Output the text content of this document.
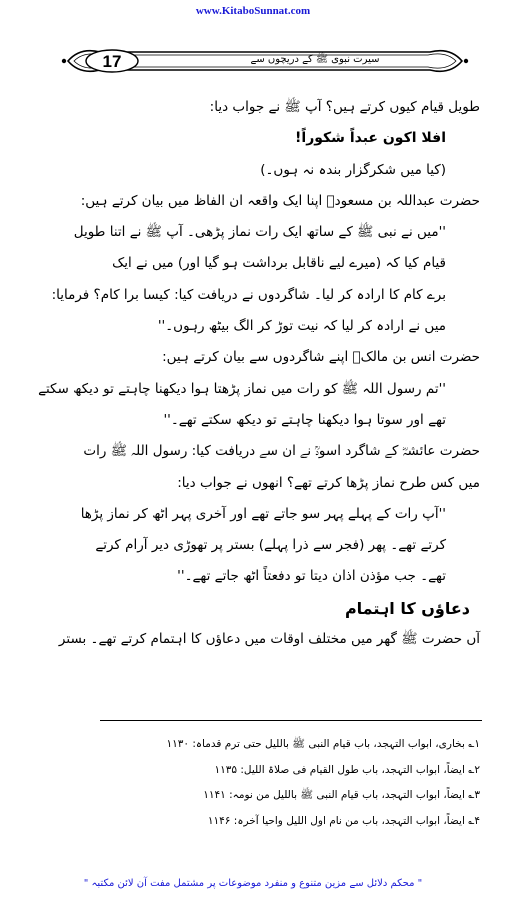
www.KitaboSunnat.com
17	سیرت نبوی ﷺ کے دریچوں سے

طویل قیام کیوں کرتے ہیں؟ آپ ﷺ نے جواب دیا:

افلا اکون عبداً شکوراً!

(کیا میں شکرگزار بندہ نہ ہوں۔)

حضرت عبداللہ بن مسعودؓ اپنا ایک واقعہ ان الفاظ میں بیان کرتے ہیں:

''میں نے نبی ﷺ کے ساتھ ایک رات نماز پڑھی۔ آپ ﷺ نے اتنا طویل

قیام کیا کہ (میرے لیے ناقابل برداشت ہو گیا اور) میں نے ایک

برے کام کا ارادہ کر لیا۔ شاگردوں نے دریافت کیا: کیسا برا کام؟ فرمایا:

میں نے ارادہ کر لیا کہ نیت توڑ کر الگ بیٹھ رہوں۔''

حضرت انس بن مالکؓ اپنے شاگردوں سے بیان کرتے ہیں:

''تم رسول اللہ ﷺ کو رات میں نماز پڑھتا ہوا دیکھنا چاہتے تو دیکھ سکتے

تھے اور سوتا ہوا دیکھنا چاہتے تو دیکھ سکتے تھے۔''

حضرت عائشہؓ کے شاگرد اسودؒ نے ان سے دریافت کیا: رسول اللہ ﷺ رات

میں کس طرح نماز پڑھا کرتے تھے؟ انھوں نے جواب دیا:

''آپ رات کے پہلے پہر سو جاتے تھے اور آخری پہر اٹھ کر نماز پڑھا

کرتے تھے۔ پھر (فجر سے ذرا پہلے) بستر پر تھوڑی دیر آرام کرتے

تھے۔ جب مؤذن اذان دیتا تو دفعتاً اٹھ جاتے تھے۔''

دعاؤں کا اہتمام

آں حضرت ﷺ گھر میں مختلف اوقات میں دعاؤں کا اہتمام کرتے تھے۔ بستر

۱؎ بخاری، ابواب التہجد، باب قیام النبی ﷺ باللیل حتی ترم قدماہ: ۱۱۳۰

۲؎ ایضاً، ابواب التہجد، باب طول القیام فی صلاۃ اللیل: ۱۱۳۵

۳؎ ایضاً، ابواب التہجد، باب قیام النبی ﷺ باللیل من نومہ: ۱۱۴۱

۴؎ ایضاً، ابواب التہجد، باب من نام اول اللیل واحیا آخرہ: ۱۱۴۶

" محکم دلائل سے مزین متنوع و منفرد موضوعات پر مشتمل مفت آن لائن مکتبہ "
